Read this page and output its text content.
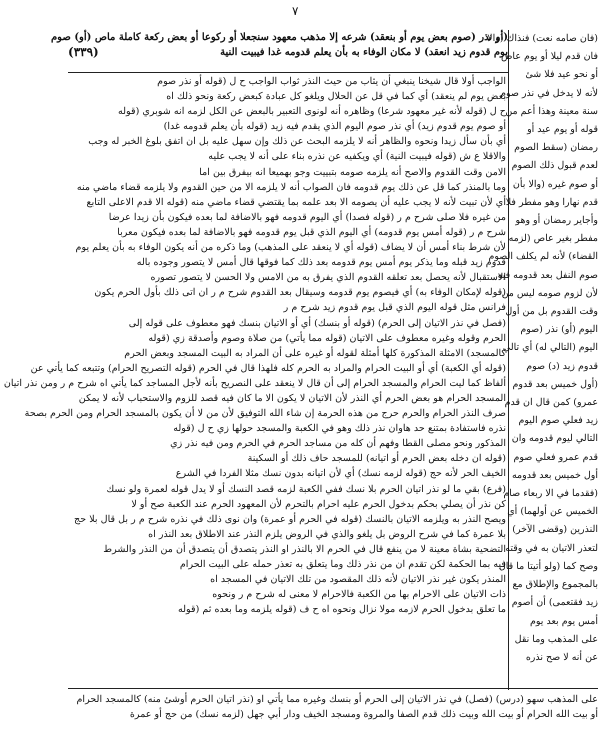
٧
(أو نذر (صوم بعض يوم أو بنعقد) شرعه إلا مذهب معهود سنجعلا أو ركوعا أو بعض ركعة كاملة ماص (أو) صوم
يوم قدوم زيد انعقد) لا مكان الوفاء به بأن يعلم قدومه غدا فيبيت النية
(٣٣٩)
(فان صامه نعت) فنذاك (والا
فان قدم ليلا أو يوم عاص
أو نحو عيد فلا شئ
لأنه لا يدخل في نذر صوم
سنة معينة وهذا أعم من
قوله أو يوم عيد أو
رمضان (سقط الصوم
لعدم قبول ذلك الصوم
أو صوم غيره (والا بأن
قدم نهارا وهو مفطر فلا
وأجاير رمضان أو وهو
مفطر بغير عاص (لزمه
القضاء) لأنه لم يكلف الصوم
صوم النفل بعد قدومه فيه
لأن لزوم صومه ليس من
وقت القدوم بل من أول
اليوم (أو) نذر (صوم
اليوم (التالي له) أي تالي
قدوم زيد (د) صوم
(أول خميس بعد قدوم
عمرو) كمن قال ان قدم
زيد فعلي صوم اليوم
التالي ليوم قدومه وان
قدم عمرو فعلي صوم
أول خميس بعد قدومه
(فقدما في الا ربعاء صام
الخميس عن أولهما) أي
النذرين (وقضى الآخر)
لتعذر الاتيان به في وقته
وصح كما (ولو أتيتا ما قال
بالمجموع والإطلاق مع
زيد فقتعمى) أن أصوم
أمس يوم بعد يوم
على المذهب وما نقل
عن أنه لا صح نذره
الواجب أولا قال شيخنا ينبغي أن يثاب من حيث النذر ثواب الواجب ح ل (قوله أو نذر صوم
بعض يوم لم ينعقد) أي كما في قل عن الحلال ويلغو كل عبادة كبعض ركعة ونحو ذلك اه
ح ل (قوله لأنه غير معهود شرعا) وظاهره أنه لونوى التعبير بالبعض عن الكل لزمه انه شوبري (قوله
أو صوم يوم قدوم زيد) أي نذر صوم اليوم الذي يقدم فيه زيد (قوله بأن يعلم قدومه غدا)
أي بأن سأل زيدا ونحوه والظاهر أنه لا يلزمه البحث عن ذلك وإن سهل عليه بل ان اتفق بلوغ الخبر له وجب
والاقلا ع ش (قوله فيبيت النية) أي ويكفيه عن نذره بناء على أنه لا يجب عليه
الامن وقت القدوم والاصح أنه يلزمه صومه بتبييت وجو بهميعا انه بيفرق بين اما
وما بالمنذر كما قل عن ذلك يوم قدومه فان الصواب أنه لا يلزمه الا من حين القدوم ولا يلزمه قضاء ماضي منه
أي لأن تبيت لأنه لا يجب عليه أن يصومه الا بعد علمه بما يقتضي قضاء ماضي منه (قوله الا قدم الاعلى التابع
من غيره فلا صلى شرح م ر (قوله فصدا) أي اليوم قدومه فهو بالاضافة لما بعده فيكون بأن زيدا عرضا
شرح م ر (قوله أمس يوم قدومه) أي اليوم الذي قبل يوم قدومه فهو بالاضافة لما بعده فيكون معربا
لأن شرط بناء أمس أن لا يضاف (قوله أي لا ينعقد على المذهب) وما ذكره من أنه يكون الوفاء به بأن يعلم يوم
قدوم زيد قبله وما يذكر يوم أمس يوم قدومه بعد ذلك كما فوقها قال أمس لا يتصور وجوده باله
الاستقبال لأنه يحصل بعد تعلقه القدوم الذي يفرق به من الامس ولا الحسن لا يتصور تصوره
(قوله لإمكان الوفاء به) أي فيصوم يوم قدومه وسيقال بعد القدوم شرح م ر ان اتى ذلك بأول الحرم يكون
فرانس مثل قوله اليوم الذي قبل يوم قدوم زيد شرح م ر
(فصل في نذر الاتيان إلى الحرم) (قوله أو بنسك) أي أو الاتيان بنسك فهو معطوف على قوله إلى
الحرم وقوله وغيره معطوف على الاتيان (قوله مما يأتي) من صلاة وصوم وأصدقة زي (قوله
كالمسجد) الامثلة المذكورة كلها أمثلة لقوله أو غيره على أن المراد به البيت المسجد وبعض الحرم
(قوله أي الكعبة) أي أو البيت الحرام والمراد به الحرم كله فلهذا قال في الحرم (قوله التصريح الحرام) وتتبعه كما يأتي عن
ألفاظ كما ليت الحرام والمسجد الحرام إلى أن قال لا ينعقد على النصريح بأنه لأجل المساجد كما يأتي اه شرح م ر ومن نذر اتيان
المسجد الحرام هو بعض الحرم أي النذر لأن الاتيان لا يكون الا ما كان فيه قصد للزوم والاستحباب لأنه لا يمكن
صرف النذر الحرام والحرم حرج من هذه الحرمة إن شاء الله التوفيق لأن من لا أن يكون بالمسجد الحرام ومن الحرم بصحة
نذره فاستفادة بمتنع حد هاوان نذر ذلك وهو في الكعبة والمسجد حولها زي ح ل (قوله
المذكور ونحو مصلى القطا وفهم أن كله من مساجد الحرم في الحرم ومن فيه نذر زي
(قوله ان دخله بعض الحرم أو اتيانه) للمسجد حاف ذلك أو السكينة
الخيف الحر لأنه حج (قوله لزمه نسك) أي لأن اتيانه بدون نسك مثلا الفردا في الشرع
(فرع) بقي ما لو نذر اتيان الحرم بلا نسك ففي الكعبة لزمه قصد النسك أو لا يدل قوله لعمرة ولو نسك
كن نذر أن يصلي بحكم بدخول الحرم عليه احرام بالتحرم لأن المعهود الحرم عند الكعبة صح أو لا
ويصح النذر به ويلزمه الاتيان بالنسك (قوله في الحرم أو عمرة) وان نوى ذلك في نذره شرح م ر بل قال بلا حج
بلا عمرة كما في شرح الروض بل يلغو والذي في الروض يلزم النذر عند الاطلاق بعد النذر اه
التضحية بشاة معينة لا من ينفع قال في الحرم الا بالنذر او النذر يتصدق أن يتصدق أن من النذر والشرط
فيه بما الحكمة لكن تقدم ان من نذر ذلك وما يتعلق به تعذر حمله على البيت الحرام
المنذر يكون غير نذر الاتيان لأنه ذلك المقصود من تلك الاتيان في المسجد اه
ذات الاتيان على الاحرام بها من الكعبة فالاحرام لا معنى له شرح م ر ونحوه
ما تعلق بدخول الحرم لازمه مولا نزال ونحوه اه ح ف (قوله يلزمه وما بعده ثم (قوله
على المذهب سهو (درس) (فصل) في نذر الاتيان إلى الحرم أو بنسك وغيره مما يأتي او (نذر اتيان الحرم أوشئ منه) كالمسجد الحرام
أو بيت الله الحرام أو بيت الله وبيت ذلك قدم الصفا والمروة ومسجد الخيف ودار أبي جهل (لزمه نسك) من حج أو عمرة
